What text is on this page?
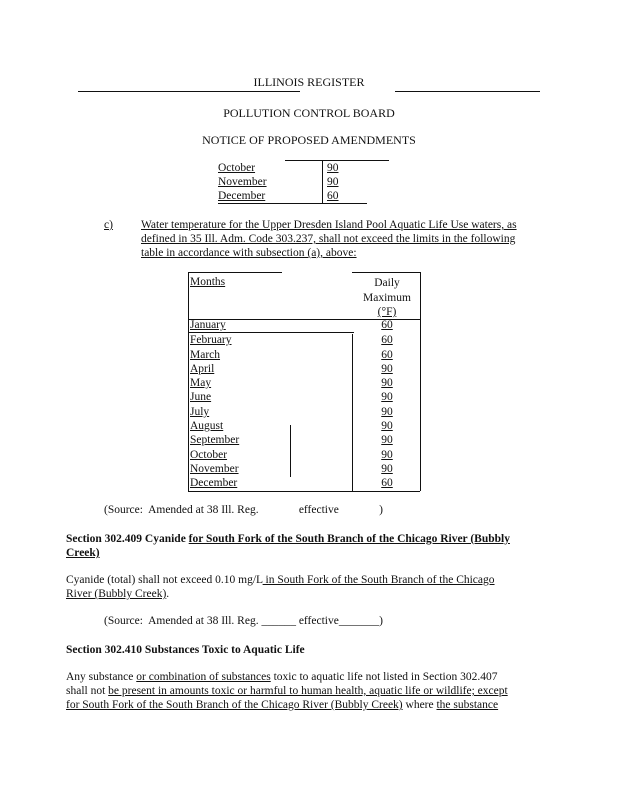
ILLINOIS REGISTER
POLLUTION CONTROL BOARD
NOTICE OF PROPOSED AMENDMENTS
October	90
November	90
December	60
c) Water temperature for the Upper Dresden Island Pool Aquatic Life Use waters, as
defined in 35 Ill. Adm. Code 303.237, shall not exceed the limits in the following
table in accordance with subsection (a), above:
Months	Daily
Maximum
(°F)
January	60
February	60
March	60
April	90
May	90
June	90
July	90
August	90
September	90
October	90
November	90
December	60
(Source:  Amended at 38 Ill. Reg.              effective              )
Section 302.409 Cyanide for South Fork of the South Branch of the Chicago River (Bubbly
Creek)
Cyanide (total) shall not exceed 0.10 mg/L in South Fork of the South Branch of the Chicago
River (Bubbly Creek).
(Source:  Amended at 38 Ill. Reg. ______ effective_______)
Section 302.410 Substances Toxic to Aquatic Life
Any substance or combination of substances toxic to aquatic life not listed in Section 302.407
shall not be present in amounts toxic or harmful to human health, aquatic life or wildlife; except
for South Fork of the South Branch of the Chicago River (Bubbly Creek) where the substance
